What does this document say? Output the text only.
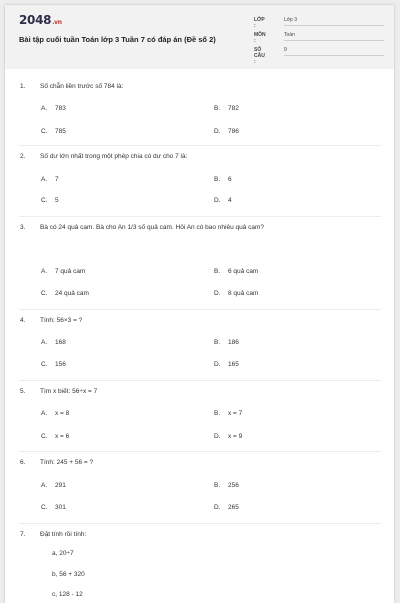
2048.vn
Bài tập cuối tuần Toán lớp 3 Tuần 7 có đáp án (Đề số 2)
LỚP :
Lớp 3
MÔN :
Toán
SỐ CÂU :
9
1. Số chẵn liền trước số 784 là:
A. 783	B. 782
C. 785	D. 786
2. Số dư lớn nhất trong một phép chia có dư cho 7 là:
A. 7	B. 6
C. 5	D. 4
3. Bà có 24 quả cam. Bà cho An 1/3 số quả cam. Hỏi An có bao nhiêu quả cam?
A. 7 quả cam	B. 6 quả cam
C. 24 quả cam	D. 8 quả cam
4. Tính: 56×3 = ?
A. 168	B. 186
C. 156	D. 165
5. Tìm x biết: 56÷x = 7
A. x = 8	B. x = 7
C. x = 6	D. x = 9
6. Tính: 245 + 56 = ?
A. 291	B. 256
C. 301	D. 265
7. Đặt tính rồi tính:
a, 20÷7
b, 56 + 320
c, 128 - 12
